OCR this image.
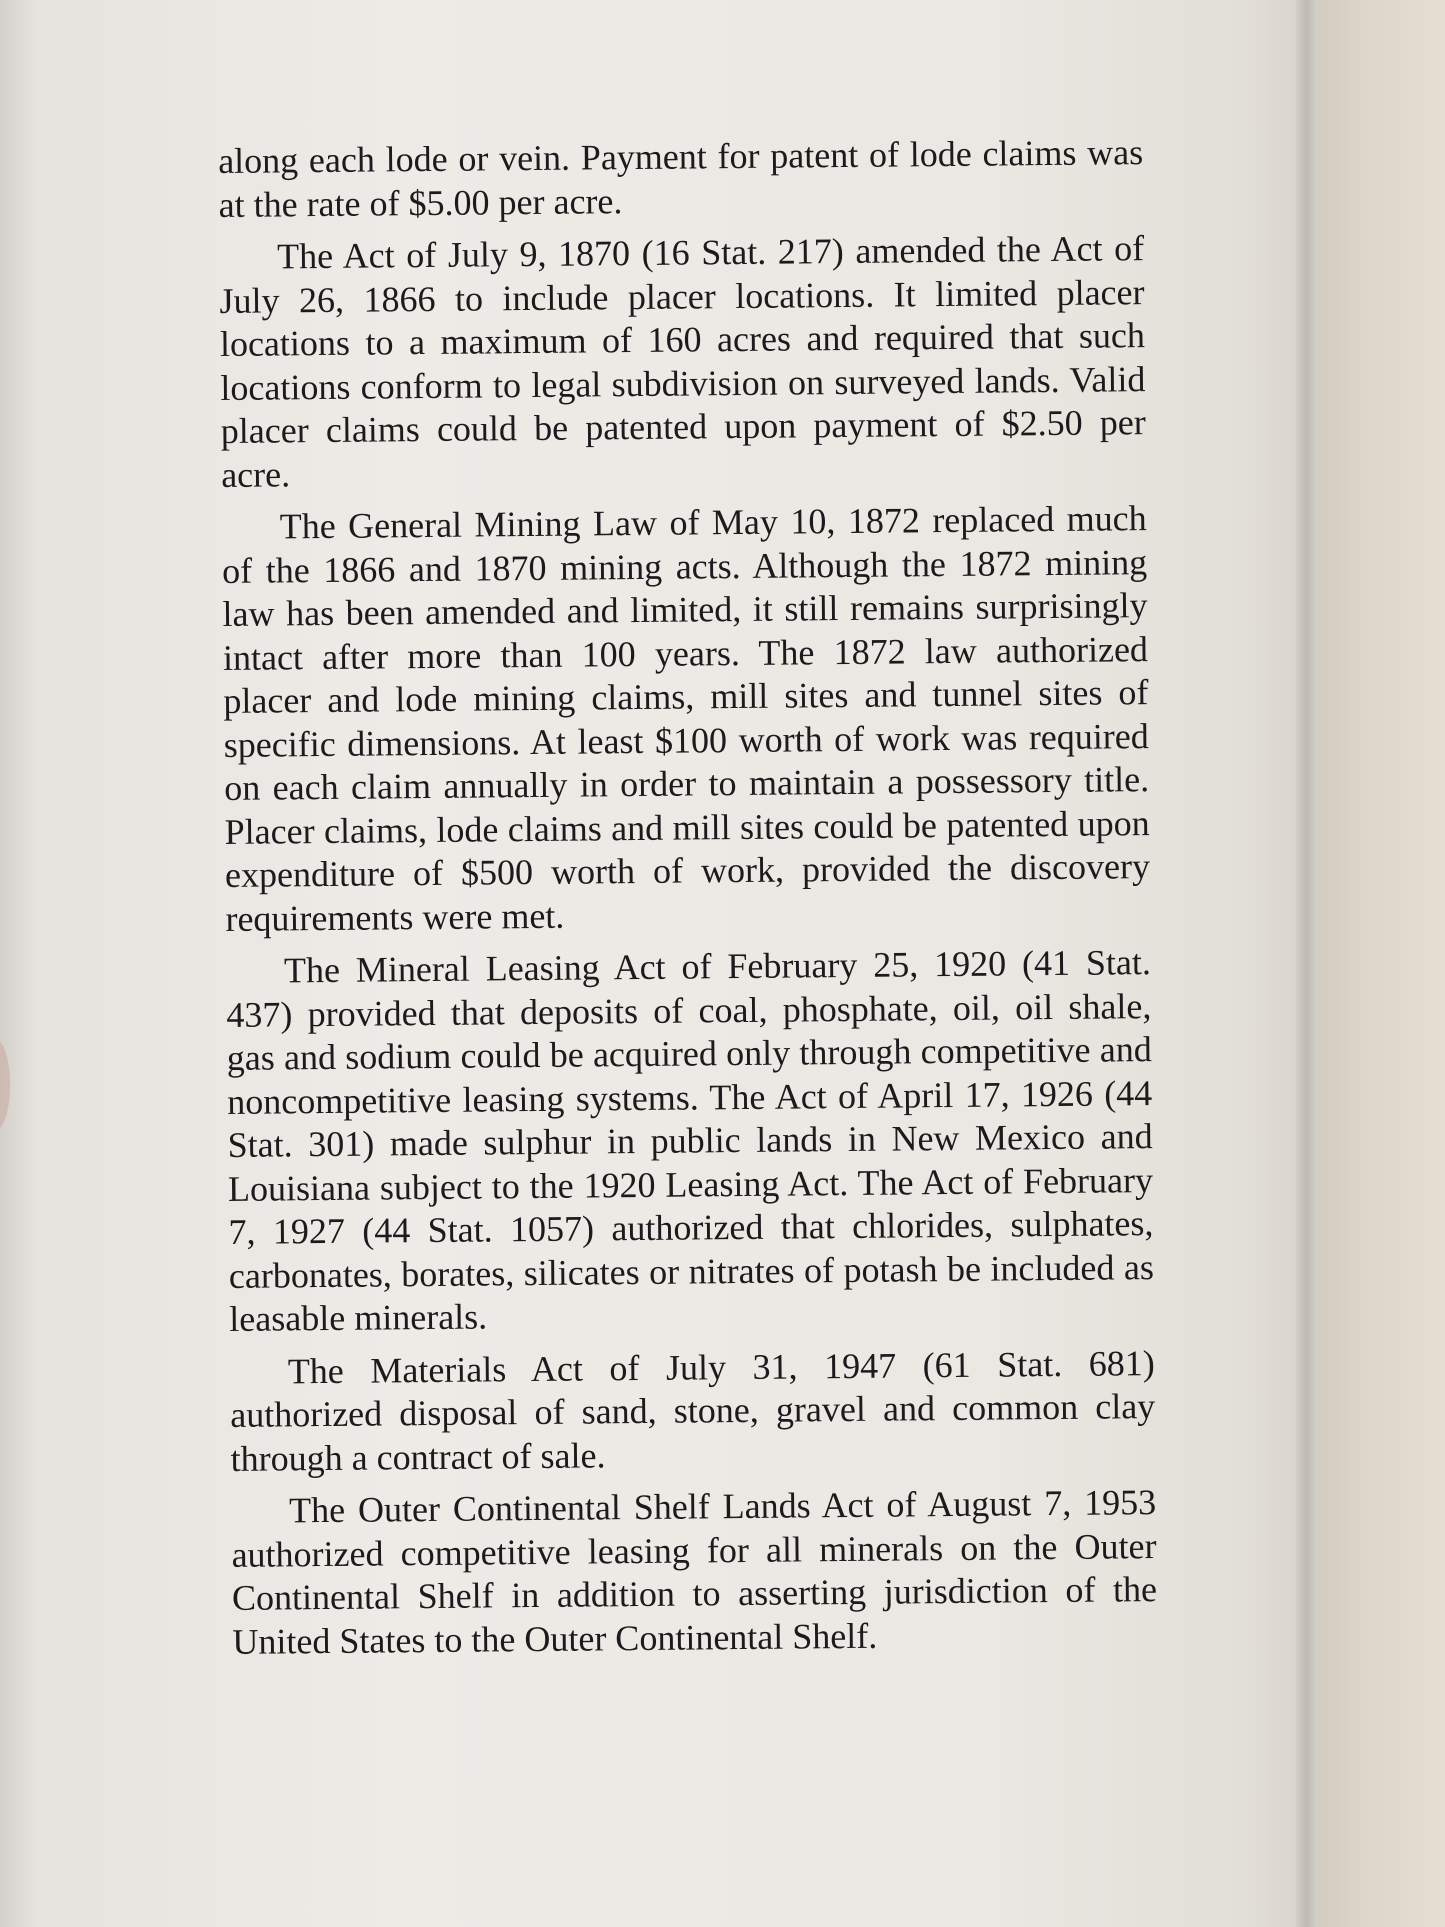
along each lode or vein. Payment for patent of lode claims was at the rate of $5.00 per acre.

The Act of July 9, 1870 (16 Stat. 217) amended the Act of July 26, 1866 to include placer locations. It limited placer locations to a maximum of 160 acres and required that such locations conform to legal subdivision on surveyed lands. Valid placer claims could be patented upon payment of $2.50 per acre.

The General Mining Law of May 10, 1872 replaced much of the 1866 and 1870 mining acts. Although the 1872 mining law has been amended and limited, it still remains surprisingly intact after more than 100 years. The 1872 law authorized placer and lode mining claims, mill sites and tunnel sites of specific dimensions. At least $100 worth of work was required on each claim annually in order to maintain a possessory title. Placer claims, lode claims and mill sites could be patented upon expenditure of $500 worth of work, provided the discovery requirements were met.

The Mineral Leasing Act of February 25, 1920 (41 Stat. 437) provided that deposits of coal, phosphate, oil, oil shale, gas and sodium could be acquired only through competitive and noncompetitive leasing systems. The Act of April 17, 1926 (44 Stat. 301) made sulphur in public lands in New Mexico and Louisiana subject to the 1920 Leasing Act. The Act of February 7, 1927 (44 Stat. 1057) authorized that chlorides, sulphates, carbonates, borates, silicates or nitrates of potash be included as leasable minerals.

The Materials Act of July 31, 1947 (61 Stat. 681) authorized disposal of sand, stone, gravel and common clay through a contract of sale.

The Outer Continental Shelf Lands Act of August 7, 1953 authorized competitive leasing for all minerals on the Outer Continental Shelf in addition to asserting jurisdiction of the United States to the Outer Continental Shelf.
